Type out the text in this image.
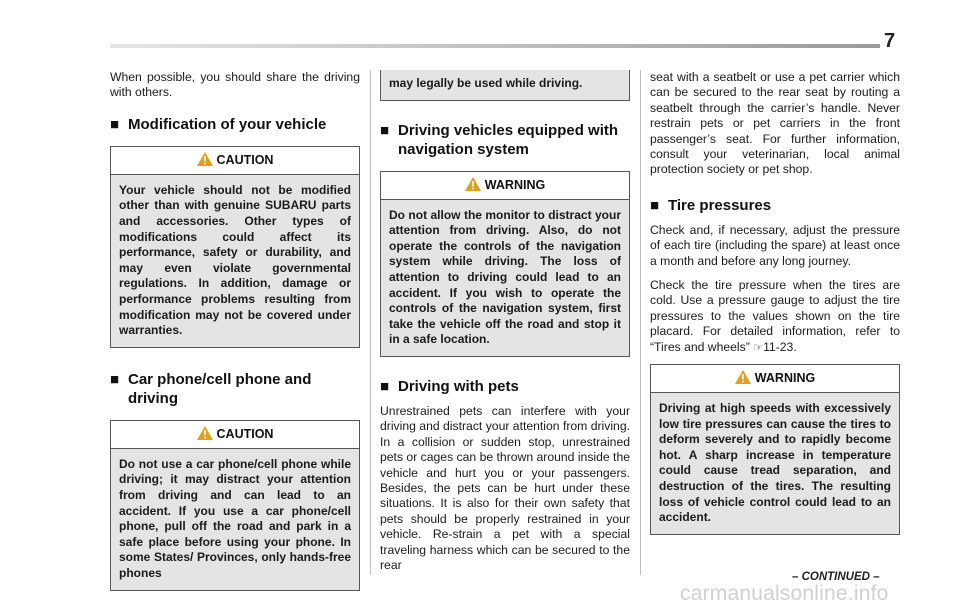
7

When possible, you should share the driving with others.

■ Modification of your vehicle
CAUTION
Your vehicle should not be modified other than with genuine SUBARU parts and accessories. Other types of modifications could affect its performance, safety or durability, and may even violate governmental regulations. In addition, damage or performance problems resulting from modification may not be covered under warranties.
■ Car phone/cell phone and driving
CAUTION
Do not use a car phone/cell phone while driving; it may distract your attention from driving and can lead to an accident. If you use a car phone/cell phone, pull off the road and park in a safe place before using your phone. In some States/ Provinces, only hands-free phones
may legally be used while driving.
■ Driving vehicles equipped with navigation system
WARNING
Do not allow the monitor to distract your attention from driving. Also, do not operate the controls of the navigation system while driving. The loss of attention to driving could lead to an accident. If you wish to operate the controls of the navigation system, first take the vehicle off the road and stop it in a safe location.
■ Driving with pets

Unrestrained pets can interfere with your driving and distract your attention from driving. In a collision or sudden stop, unrestrained pets or cages can be thrown around inside the vehicle and hurt you or your passengers. Besides, the pets can be hurt under these situations. It is also for their own safety that pets should be properly restrained in your vehicle. Re-strain a pet with a special traveling harness which can be secured to the rear

seat with a seatbelt or use a pet carrier which can be secured to the rear seat by routing a seatbelt through the carrier’s handle. Never restrain pets or pet carriers in the front passenger’s seat. For further information, consult your veterinarian, local animal protection society or pet shop.

■ Tire pressures

Check and, if necessary, adjust the pressure of each tire (including the spare) at least once a month and before any long journey.

Check the tire pressure when the tires are cold. Use a pressure gauge to adjust the tire pressures to the values shown on the tire placard. For detailed information, refer to “Tires and wheels” ☞11-23.

WARNING
Driving at high speeds with excessively low tire pressures can cause the tires to deform severely and to rapidly become hot. A sharp increase in temperature could cause tread separation, and destruction of the tires. The resulting loss of vehicle control could lead to an accident.
– CONTINUED –
carmanualsonline.info
